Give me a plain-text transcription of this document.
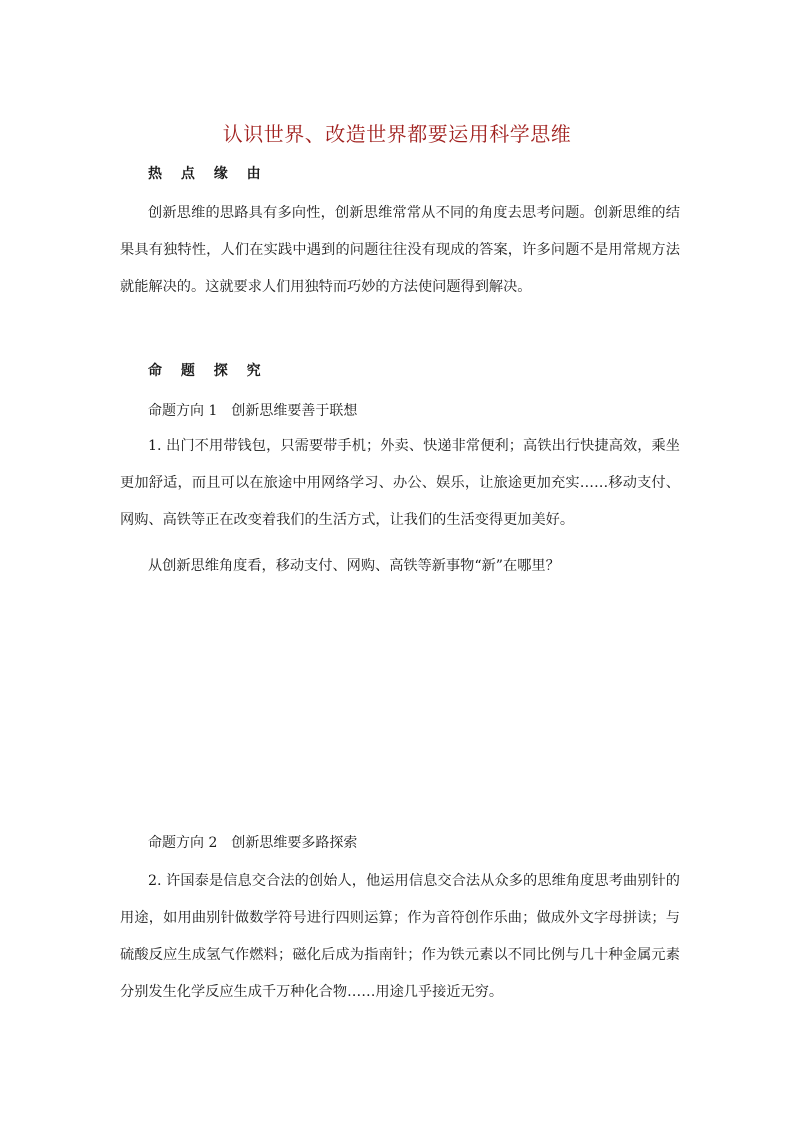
认识世界、改造世界都要运用科学思维
热 点 缘 由
创新思维的思路具有多向性，创新思维常常从不同的角度去思考问题。创新思维的结果具有独特性，人们在实践中遇到的问题往往没有现成的答案，许多问题不是用常规方法就能解决的。这就要求人们用独特而巧妙的方法使问题得到解决。
命 题 探 究
命题方向 1　创新思维要善于联想
1. 出门不用带钱包，只需要带手机；外卖、快递非常便利；高铁出行快捷高效，乘坐更加舒适，而且可以在旅途中用网络学习、办公、娱乐，让旅途更加充实……移动支付、网购、高铁等正在改变着我们的生活方式，让我们的生活变得更加美好。
从创新思维角度看，移动支付、网购、高铁等新事物“新”在哪里？
命题方向 2　创新思维要多路探索
2. 许国泰是信息交合法的创始人，他运用信息交合法从众多的思维角度思考曲别针的用途，如用曲别针做数学符号进行四则运算；作为音符创作乐曲；做成外文字母拼读；与硫酸反应生成氢气作燃料；磁化后成为指南针；作为铁元素以不同比例与几十种金属元素分别发生化学反应生成千万种化合物……用途几乎接近无穷。
